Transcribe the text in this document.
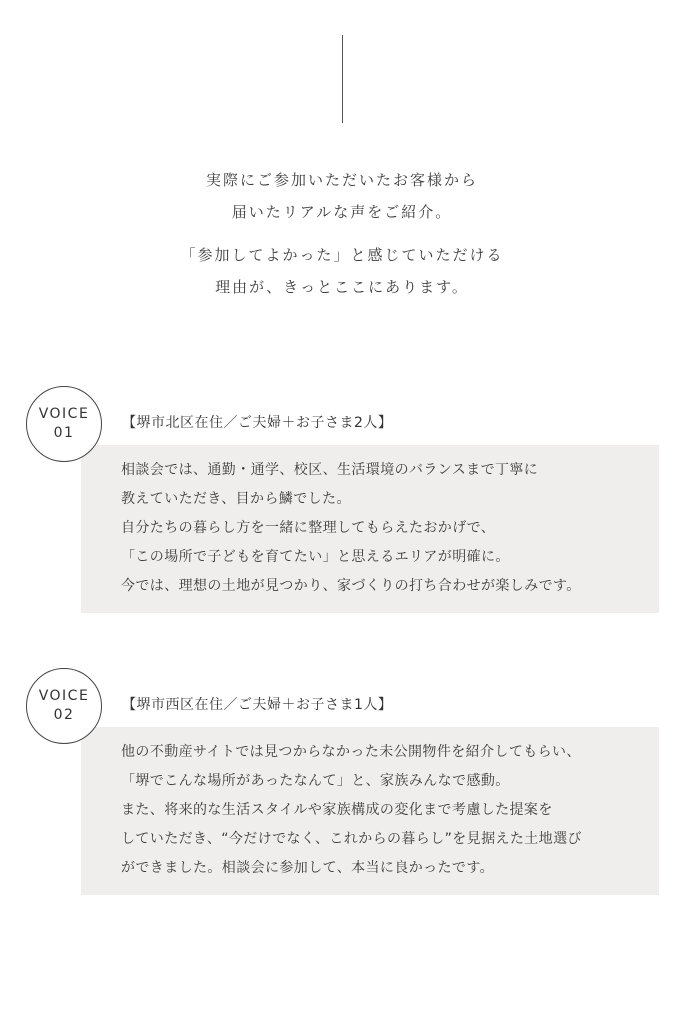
実際にご参加いただいたお客様から

届いたリアルな声をご紹介。

「参加してよかった」と感じていただける

理由が、きっとここにあります。

相談会では、通勤・通学、校区、生活環境のバランスまで丁寧に

教えていただき、目から鱗でした。

自分たちの暮らし方を一緒に整理してもらえたおかげで、

「この場所で子どもを育てたい」と思えるエリアが明確に。

今では、理想の土地が見つかり、家づくりの打ち合わせが楽しみです。

VOICE
01
【堺市北区在住／ご夫婦＋お子さま2人】

他の不動産サイトでは見つからなかった未公開物件を紹介してもらい、

「堺でこんな場所があったなんて」と、家族みんなで感動。

また、将来的な生活スタイルや家族構成の変化まで考慮した提案を

していただき、“今だけでなく、これからの暮らし”を見据えた土地選び

ができました。相談会に参加して、本当に良かったです。

VOICE
02
【堺市西区在住／ご夫婦＋お子さま1人】
